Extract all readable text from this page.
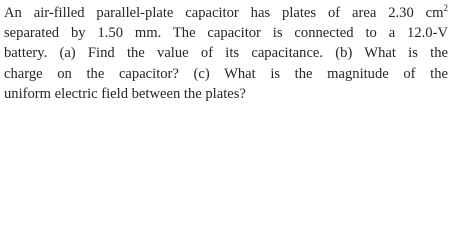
An air-filled parallel-plate capacitor has plates of area 2.30 $cm^2$
separated by 1.50 mm. The capacitor is connected to a 12.0-V
battery. (a) Find the value of its capacitance. (b) What is the
charge on the capacitor? (c) What is the magnitude of the
uniform electric field between the plates?
